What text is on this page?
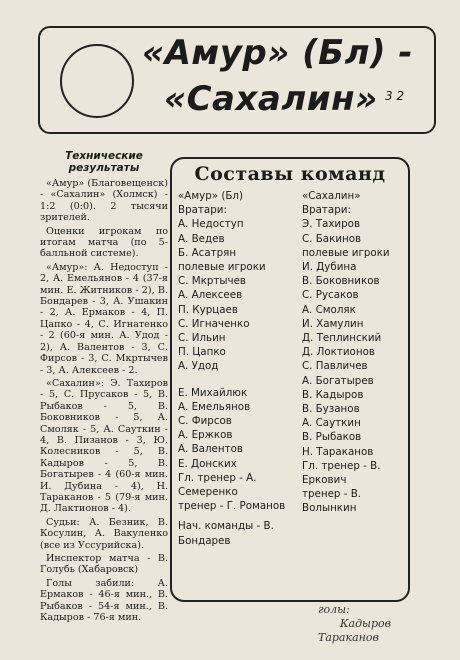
«Амур» (Бл) -
«Сахалин» 3 2
Технические результаты

«Амур» (Благовещенск) - «Сахалин» (Холмск) - 1:2 (0:0). 2 тысячи зрителей.

Оценки игрокам по итогам матча (по 5-балльной системе).

«Амур»: А. Недоступ - 2, А. Емельянов - 4 (37-я мин. Е. Житников - 2), В. Бондарев - 3, А. Ушакин - 2, А. Ермаков - 4, П. Цапко - 4, С. Игнатенко - 2 (60-я мин. А. Удод - 2), А. Валентов - 3, С. Фирсов - 3, С. Мкртычев - 3, А. Алексеев - 2.

«Сахалин»: Э. Тахиров - 5, С. Прусаков - 5, В. Рыбаков - 5, В. Боковников - 5, А. Смоляк - 5, А. Сауткин - 4, В. Пизанов - 3, Ю. Колесников - 5, В. Кадыров - 5, В. Богатырев - 4 (60-я мин. И. Дубина - 4), Н. Тараканов - 5 (79-я мин. Д. Лактионов - 4).

Судьи: А. Безник, В. Косулин, А. Вакуленко (все из Уссурийска).

Инспектор матча - В. Голубь (Хабаровск)

Голы забили: А. Ермаков - 46-я мин., В. Рыбаков - 54-я мин., В. Кадыров - 76-я мин.

Составы команд
«Амур» (Бл)
Вратари:
А. Недоступ
А. Ведев
Б. Асатрян
полевые игроки
С. Мкртычев
А. Алексеев
П. Курцаев
С. Игначенко
С. Ильин
П. Цапко
А. Удод
Е. Михайлюк
А. Емельянов
С. Фирсов
А. Ержков
А. Валентов
Е. Донских
Гл. тренер - А.
Семеренко
тренер - Г. Романов
Нач. команды - В. Бондарев
«Сахалин»
Вратари:
Э. Тахиров
С. Бакинов
полевые игроки
И. Дубина
В. Боковников
С. Русаков
А. Смоляк
И. Хамулин
Д. Теплинский
Д. Локтионов
С. Павличев
А. Богатырев
В. Кадыров
В. Бузанов
А. Сауткин
В. Рыбаков
Н. Тараканов
Гл. тренер - В.
Еркович
тренер - В. Волынкин
голы:
Кадыров
Тараканов
